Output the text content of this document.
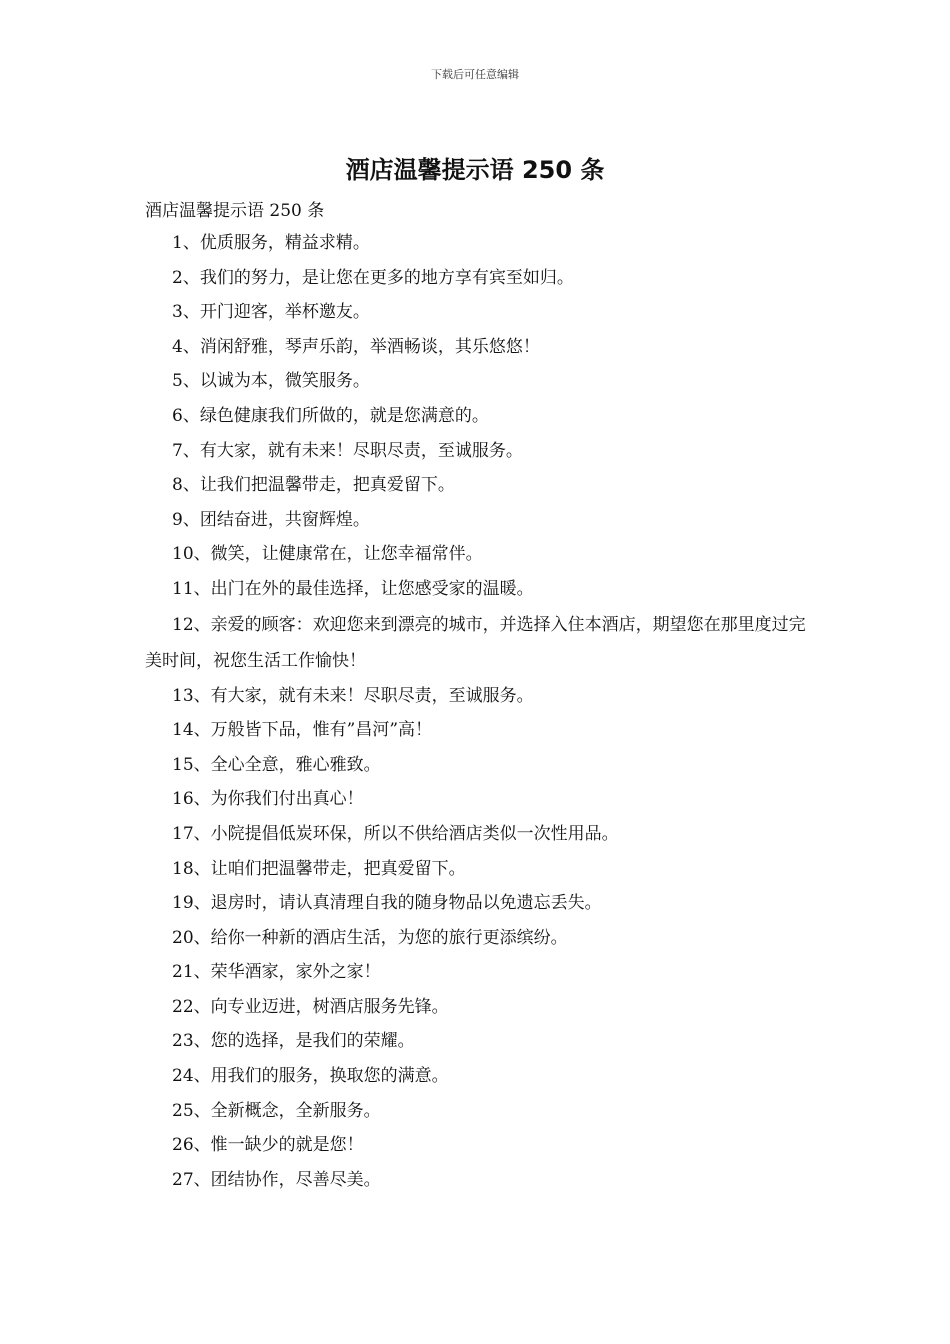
下载后可任意编辑
酒店温馨提示语 250 条

酒店温馨提示语 250 条

1、优质服务，精益求精。
2、我们的努力，是让您在更多的地方享有宾至如归。
3、开门迎客，举杯邀友。
4、消闲舒雅，琴声乐韵，举酒畅谈，其乐悠悠！
5、以诚为本，微笑服务。
6、绿色健康我们所做的，就是您满意的。
7、有大家，就有未来！尽职尽责，至诚服务。
8、让我们把温馨带走，把真爱留下。
9、团结奋进，共窗辉煌。
10、微笑，让健康常在，让您幸福常伴。
11、出门在外的最佳选择，让您感受家的温暖。
12、亲爱的顾客：欢迎您来到漂亮的城市，并选择入住本酒店，期望您在那里度过完美时间，祝您生活工作愉快！
13、有大家，就有未来！尽职尽责，至诚服务。
14、万般皆下品，惟有”昌河”高！
15、全心全意，雅心雅致。
16、为你我们付出真心！
17、小院提倡低炭环保，所以不供给酒店类似一次性用品。
18、让咱们把温馨带走，把真爱留下。
19、退房时，请认真清理自我的随身物品以免遗忘丢失。
20、给你一种新的酒店生活，为您的旅行更添缤纷。
21、荣华酒家，家外之家！
22、向专业迈进，树酒店服务先锋。
23、您的选择，是我们的荣耀。
24、用我们的服务，换取您的满意。
25、全新概念，全新服务。
26、惟一缺少的就是您！
27、团结协作，尽善尽美。
